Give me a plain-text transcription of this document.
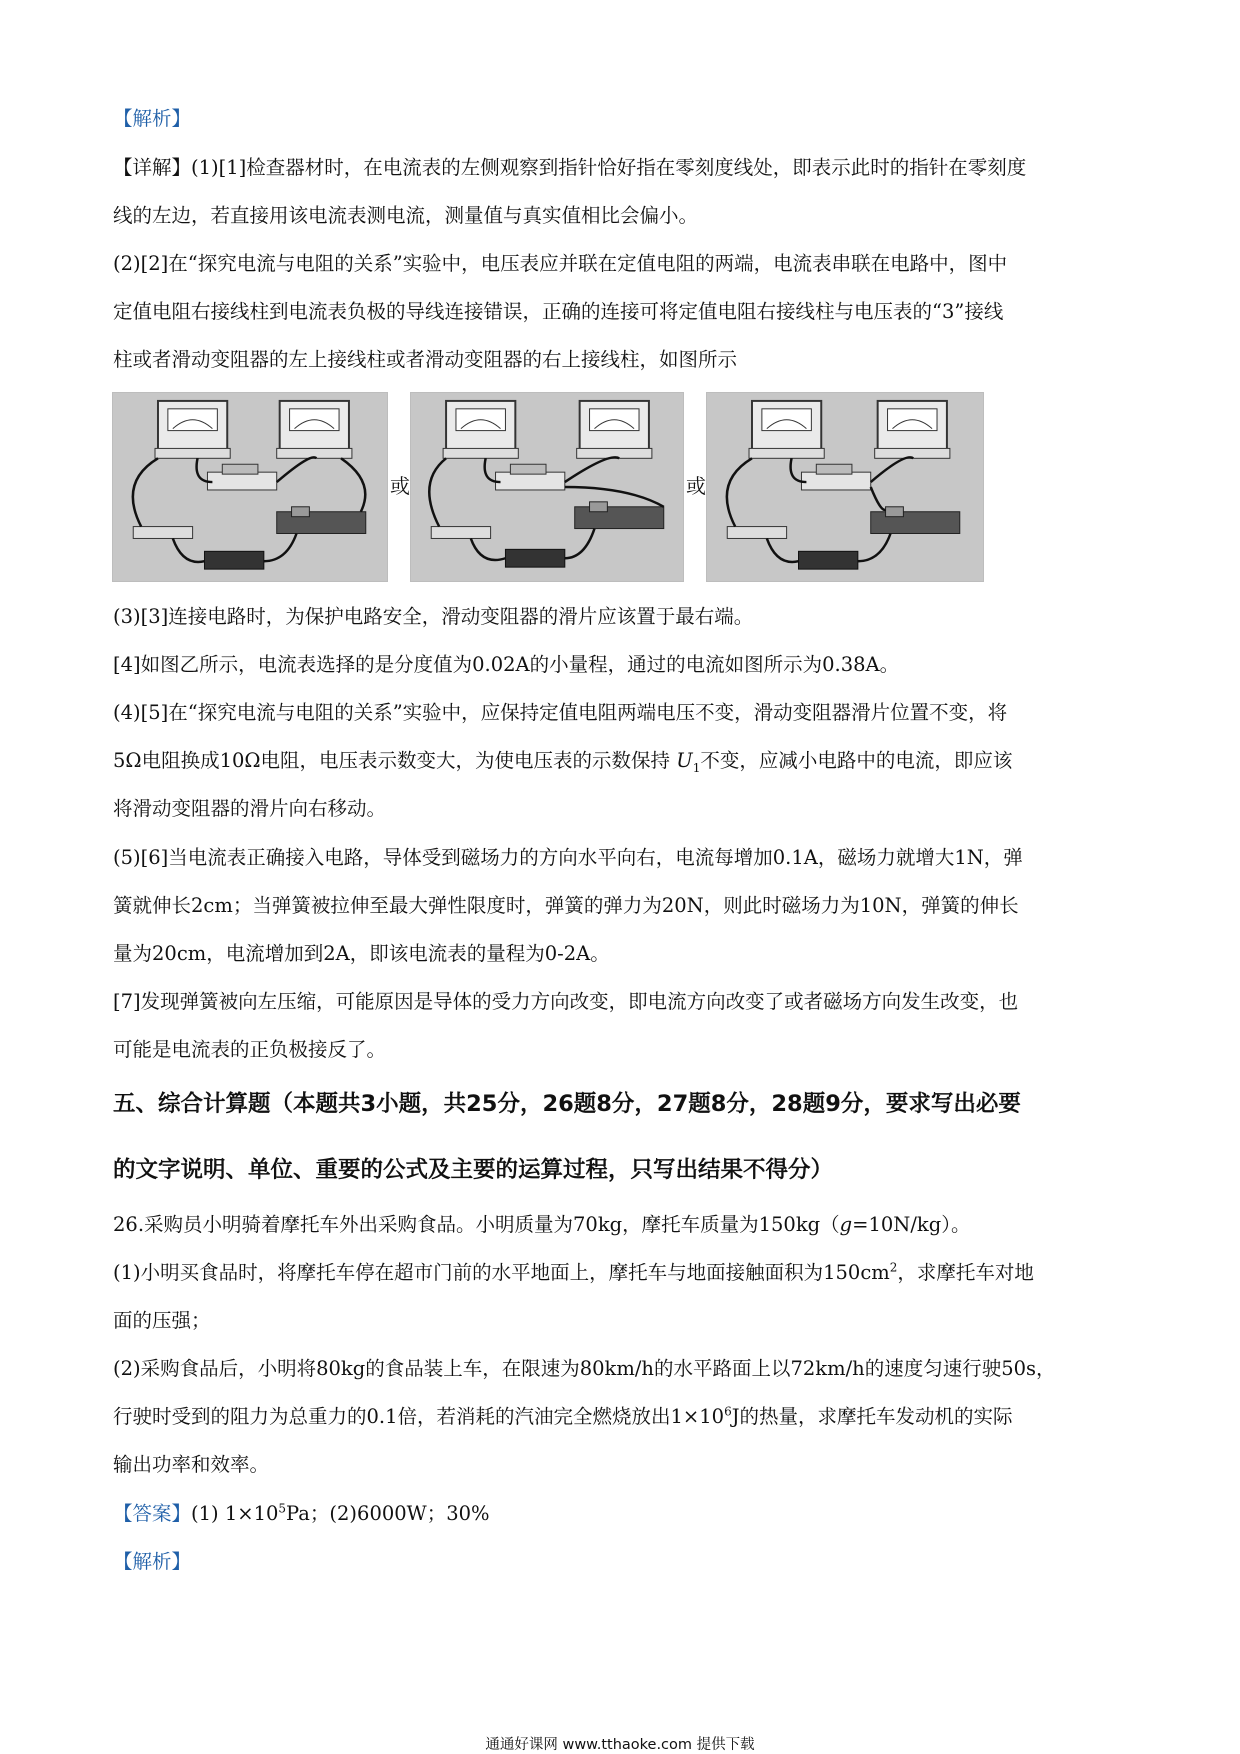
【解析】

【详解】(1)[1]检查器材时，在电流表的左侧观察到指针恰好指在零刻度线处，即表示此时的指针在零刻度

线的左边，若直接用该电流表测电流，测量值与真实值相比会偏小。

(2)[2]在“探究电流与电阻的关系”实验中，电压表应并联在定值电阻的两端，电流表串联在电路中，图中

定值电阻右接线柱到电流表负极的导线连接错误，正确的连接可将定值电阻右接线柱与电压表的“3”接线

柱或者滑动变阻器的左上接线柱或者滑动变阻器的右上接线柱，如图所示

或	或

(3)[3]连接电路时，为保护电路安全，滑动变阻器的滑片应该置于最右端。

[4]如图乙所示，电流表选择的是分度值为0.02A的小量程，通过的电流如图所示为0.38A。

(4)[5]在“探究电流与电阻的关系”实验中，应保持定值电阻两端电压不变，滑动变阻器滑片位置不变，将

5Ω电阻换成10Ω电阻，电压表示数变大，为使电压表的示数保持 $U_1$不变，应减小电路中的电流，即应该

将滑动变阻器的滑片向右移动。

(5)[6]当电流表正确接入电路，导体受到磁场力的方向水平向右，电流每增加0.1A，磁场力就增大1N，弹

簧就伸长2cm；当弹簧被拉伸至最大弹性限度时，弹簧的弹力为20N，则此时磁场力为10N，弹簧的伸长

量为20cm，电流增加到2A，即该电流表的量程为0-2A。

[7]发现弹簧被向左压缩，可能原因是导体的受力方向改变，即电流方向改变了或者磁场方向发生改变，也

可能是电流表的正负极接反了。

五、综合计算题（本题共3小题，共25分，26题8分，27题8分，28题9分，要求写出必要

的文字说明、单位、重要的公式及主要的运算过程，只写出结果不得分）

26.采购员小明骑着摩托车外出采购食品。小明质量为70kg，摩托车质量为150kg（g=10N/kg）。

(1)小明买食品时，将摩托车停在超市门前的水平地面上，摩托车与地面接触面积为$150cm^2$，求摩托车对地

面的压强；

(2)采购食品后，小明将80kg的食品装上车，在限速为80km/h的水平路面上以72km/h的速度匀速行驶50s，

行驶时受到的阻力为总重力的0.1倍，若消耗的汽油完全燃烧放出$1\times 10^6J$的热量，求摩托车发动机的实际

输出功率和效率。

【答案】(1) $1\times 10^5Pa$；(2)6000W；30%

【解析】

通通好课网 www.tthaoke.com 提供下载
